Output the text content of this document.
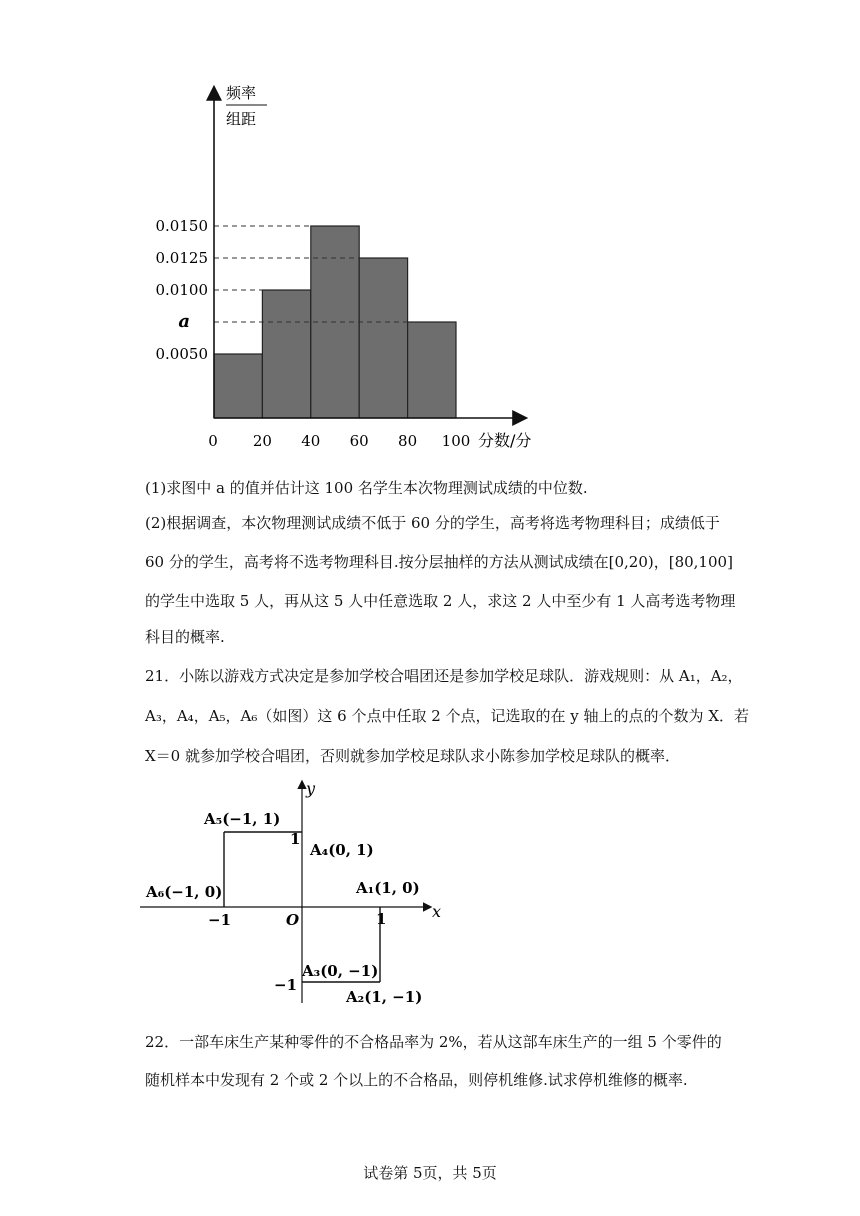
频率
组距
0.0150
0.0125
0.0100
a
0.0050
0 20 40 60 80 100 分数/分
(1)求图中 a 的值并估计这 100 名学生本次物理测试成绩的中位数.
(2)根据调查，本次物理测试成绩不低于 60 分的学生，高考将选考物理科目；成绩低于
60 分的学生，高考将不选考物理科目.按分层抽样的方法从测试成绩在[0,20)，[80,100]
的学生中选取 5 人，再从这 5 人中任意选取 2 人，求这 2 人中至少有 1 人高考选考物理
科目的概率.
21．小陈以游戏方式决定是参加学校合唱团还是参加学校足球队．游戏规则：从 A₁，A₂，
A₃，A₄，A₅，A₆（如图）这 6 个点中任取 2 个点，记选取的在 y 轴上的点的个数为 X．若
X＝0 就参加学校合唱团，否则就参加学校足球队求小陈参加学校足球队的概率．
x
y
O	1
−1
1
−1
A₁(1, 0)
A₂(1, −1)
A₃(0, −1)
A₄(0, 1)
A₅(−1, 1)
A₆(−1, 0)
22．一部车床生产某种零件的不合格品率为 2%，若从这部车床生产的一组 5 个零件的
随机样本中发现有 2 个或 2 个以上的不合格品，则停机维修.试求停机维修的概率.
试卷第 5页，共 5页
